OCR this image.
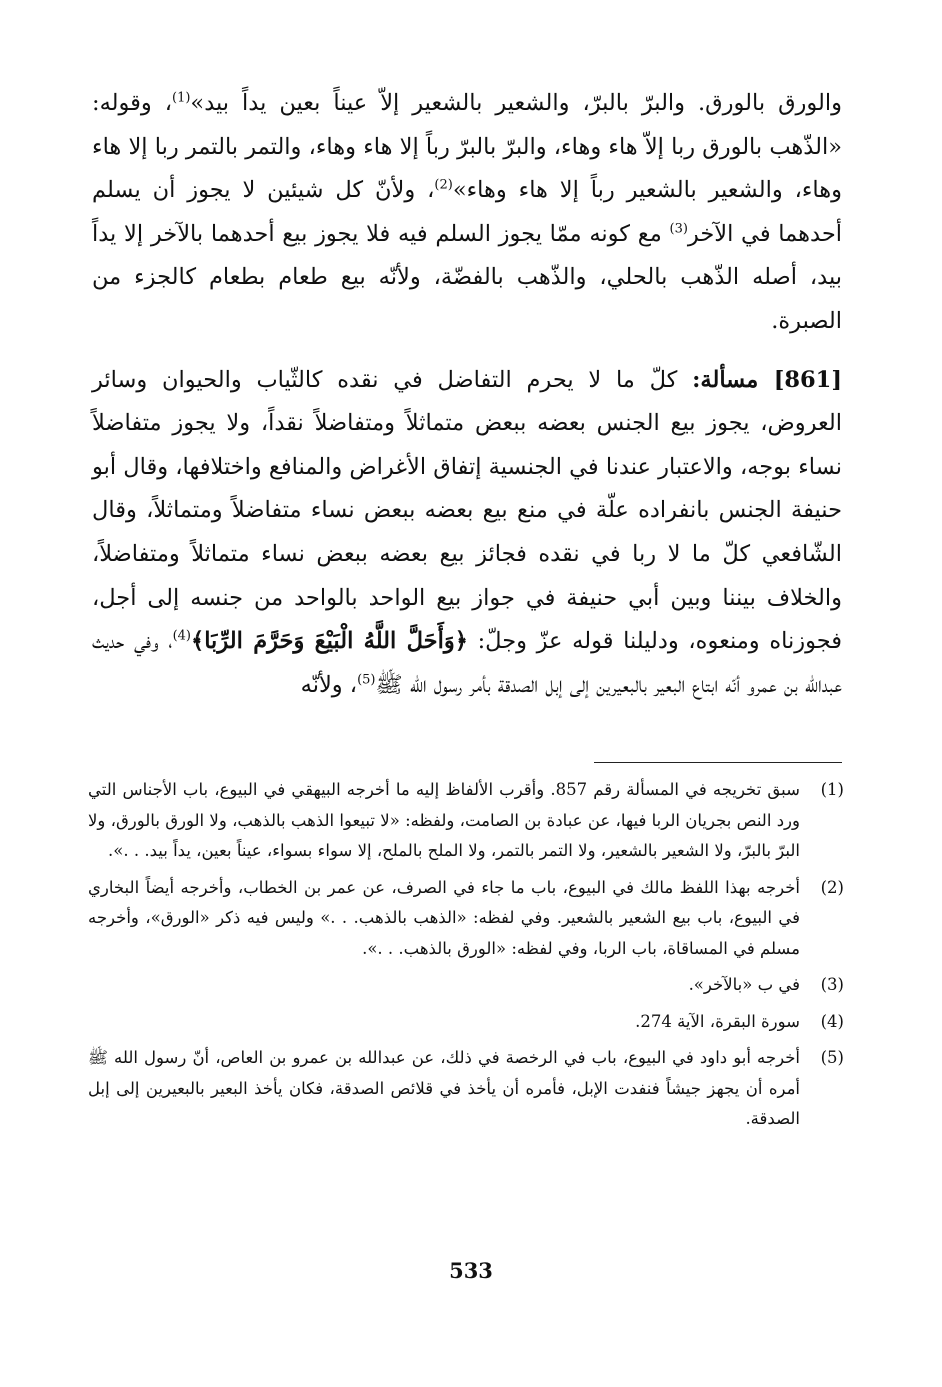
والورق بالورق. والبرّ بالبرّ، والشعير بالشعير إلاّ عيناً بعين يداً بيد»$^{(1)}$، وقوله: «الذّهب بالورق ربا إلاّ هاء وهاء، والبرّ بالبرّ رباً إلا هاء وهاء، والتمر بالتمر ربا إلا هاء وهاء، والشعير بالشعير رباً إلا هاء وهاء»$^{(2)}$، ولأنّ كل شيئين لا يجوز أن يسلم أحدهما في الآخر$^{(3)}$ مع كونه ممّا يجوز السلم فيه فلا يجوز بيع أحدهما بالآخر إلا يداً بيد، أصله الذّهب بالحلي، والذّهب بالفضّة، ولأنّه بيع طعام بطعام كالجزء من الصبرة.

[861] مسألة: كلّ ما لا يحرم التفاضل في نقده كالثّياب والحيوان وسائر العروض، يجوز بيع الجنس بعضه ببعض متماثلاً ومتفاضلاً نقداً، ولا يجوز متفاضلاً نساء بوجه، والاعتبار عندنا في الجنسية إتفاق الأغراض والمنافع واختلافها، وقال أبو حنيفة الجنس بانفراده علّة في منع بيع بعضه ببعض نساء متفاضلاً ومتماثلاً، وقال الشّافعي كلّ ما لا ربا في نقده فجائز بيع بعضه ببعض نساء متماثلاً ومتفاضلاً، والخلاف بيننا وبين أبي حنيفة في جواز بيع الواحد بالواحد من جنسه إلى أجل، فجوزناه ومنعوه، ودليلنا قوله عزّ وجلّ: ﴿وَأَحَلَّ اللَّهُ الْبَيْعَ وَحَرَّمَ الرِّبَا﴾$^{(4)}$، وفي حديث عبدالله بن عمرو أنّه ابتاع البعير بالبعيرين إلى إبل الصدقة بأمر رسول الله ﷺ$^{(5)}$، ولأنّه

(1)
سبق تخريجه في المسألة رقم 857. وأقرب الألفاظ إليه ما أخرجه البيهقي في البيوع، باب الأجناس التي ورد النص بجريان الربا فيها، عن عبادة بن الصامت، ولفظه: «لا تبيعوا الذهب بالذهب، ولا الورق بالورق، ولا البرّ بالبرّ، ولا الشعير بالشعير، ولا التمر بالتمر، ولا الملح بالملح، إلا سواء بسواء، عيناً بعين، يداً بيد. . .».
(2)
أخرجه بهذا اللفظ مالك في البيوع، باب ما جاء في الصرف، عن عمر بن الخطاب، وأخرجه أيضاً البخاري في البيوع، باب بيع الشعير بالشعير. وفي لفظه: «الذهب بالذهب. . .» وليس فيه ذكر «الورق»، وأخرجه مسلم في المساقاة، باب الربا، وفي لفظه: «الورق بالذهب. . .».
(3)
في ب «بالآخر».
(4)
سورة البقرة، الآية 274.
(5)
أخرجه أبو داود في البيوع، باب في الرخصة في ذلك، عن عبدالله بن عمرو بن العاص، أنّ رسول الله ﷺ أمره أن يجهز جيشاً فنفدت الإبل، فأمره أن يأخذ في قلائص الصدقة، فكان يأخذ البعير بالبعيرين إلى إبل الصدقة.
533
